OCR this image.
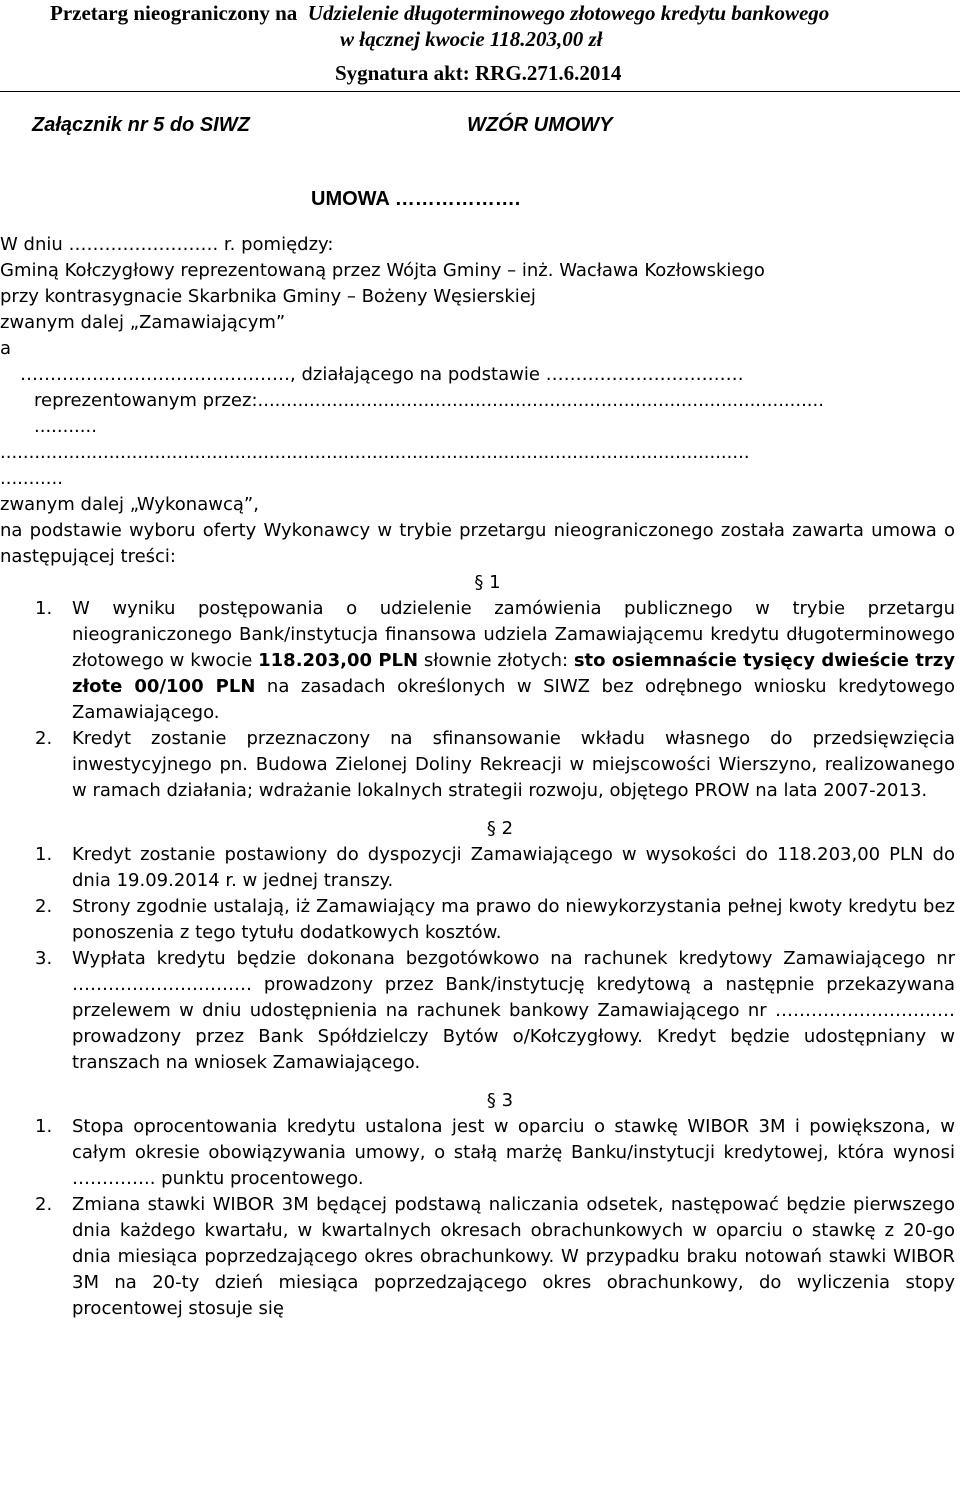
Przetarg nieograniczony na Udzielenie długoterminowego złotowego kredytu bankowego
w łącznej kwocie 118.203,00 zł
Sygnatura akt: RRG.271.6.2014
Załącznik nr 5 do SIWZ	WZÓR UMOWY
UMOWA ……………….

W dniu ……………………. r. pomiędzy:

Gminą Kołczygłowy reprezentowaną przez Wójta Gminy – inż. Wacława Kozłowskiego

przy kontrasygnacie Skarbnika Gminy – Bożeny Węsierskiej

zwanym dalej „Zamawiającym”

a

………………………………………, działającego na podstawie ……………………………

reprezentowanym przez:...................................................................................................

...........

...................................................................................................................................

...........

zwanym dalej „Wykonawcą”,

na podstawie wyboru oferty Wykonawcy w trybie przetargu nieograniczonego została zawarta umowa o następującej treści:

§ 1

1. W wyniku postępowania o udzielenie zamówienia publicznego w trybie przetargu nieograniczonego Bank/instytucja finansowa udziela Zamawiającemu kredytu długoterminowego złotowego w kwocie 118.203,00 PLN słownie złotych: sto osiemnaście tysięcy dwieście trzy złote 00/100 PLN na zasadach określonych w SIWZ bez odrębnego wniosku kredytowego Zamawiającego.
2. Kredyt zostanie przeznaczony na sfinansowanie wkładu własnego do przedsięwzięcia inwestycyjnego pn. Budowa Zielonej Doliny Rekreacji w miejscowości Wierszyno, realizowanego w ramach działania; wdrażanie lokalnych strategii rozwoju, objętego PROW na lata 2007-2013.

§ 2

1. Kredyt zostanie postawiony do dyspozycji Zamawiającego w wysokości do 118.203,00 PLN do dnia 19.09.2014 r. w jednej transzy.
2. Strony zgodnie ustalają, iż Zamawiający ma prawo do niewykorzystania pełnej kwoty kredytu bez ponoszenia z tego tytułu dodatkowych kosztów.
3. Wypłata kredytu będzie dokonana bezgotówkowo na rachunek kredytowy Zamawiającego nr ………………………… prowadzony przez Bank/instytucję kredytową a następnie przekazywana przelewem w dniu udostępnienia na rachunek bankowy Zamawiającego nr ………………………… prowadzony przez Bank Spółdzielczy Bytów o/Kołczygłowy. Kredyt będzie udostępniany w transzach na wniosek Zamawiającego.

§ 3

1. Stopa oprocentowania kredytu ustalona jest w oparciu o stawkę WIBOR 3M i powiększona, w całym okresie obowiązywania umowy, o stałą marżę Banku/instytucji kredytowej, która wynosi ………….. punktu procentowego.
2. Zmiana stawki WIBOR 3M będącej podstawą naliczania odsetek, następować będzie pierwszego dnia każdego kwartału, w kwartalnych okresach obrachunkowych w oparciu o stawkę z 20-go dnia miesiąca poprzedzającego okres obrachunkowy. W przypadku braku notowań stawki WIBOR 3M na 20-ty dzień miesiąca poprzedzającego okres obrachunkowy, do wyliczenia stopy procentowej stosuje się
